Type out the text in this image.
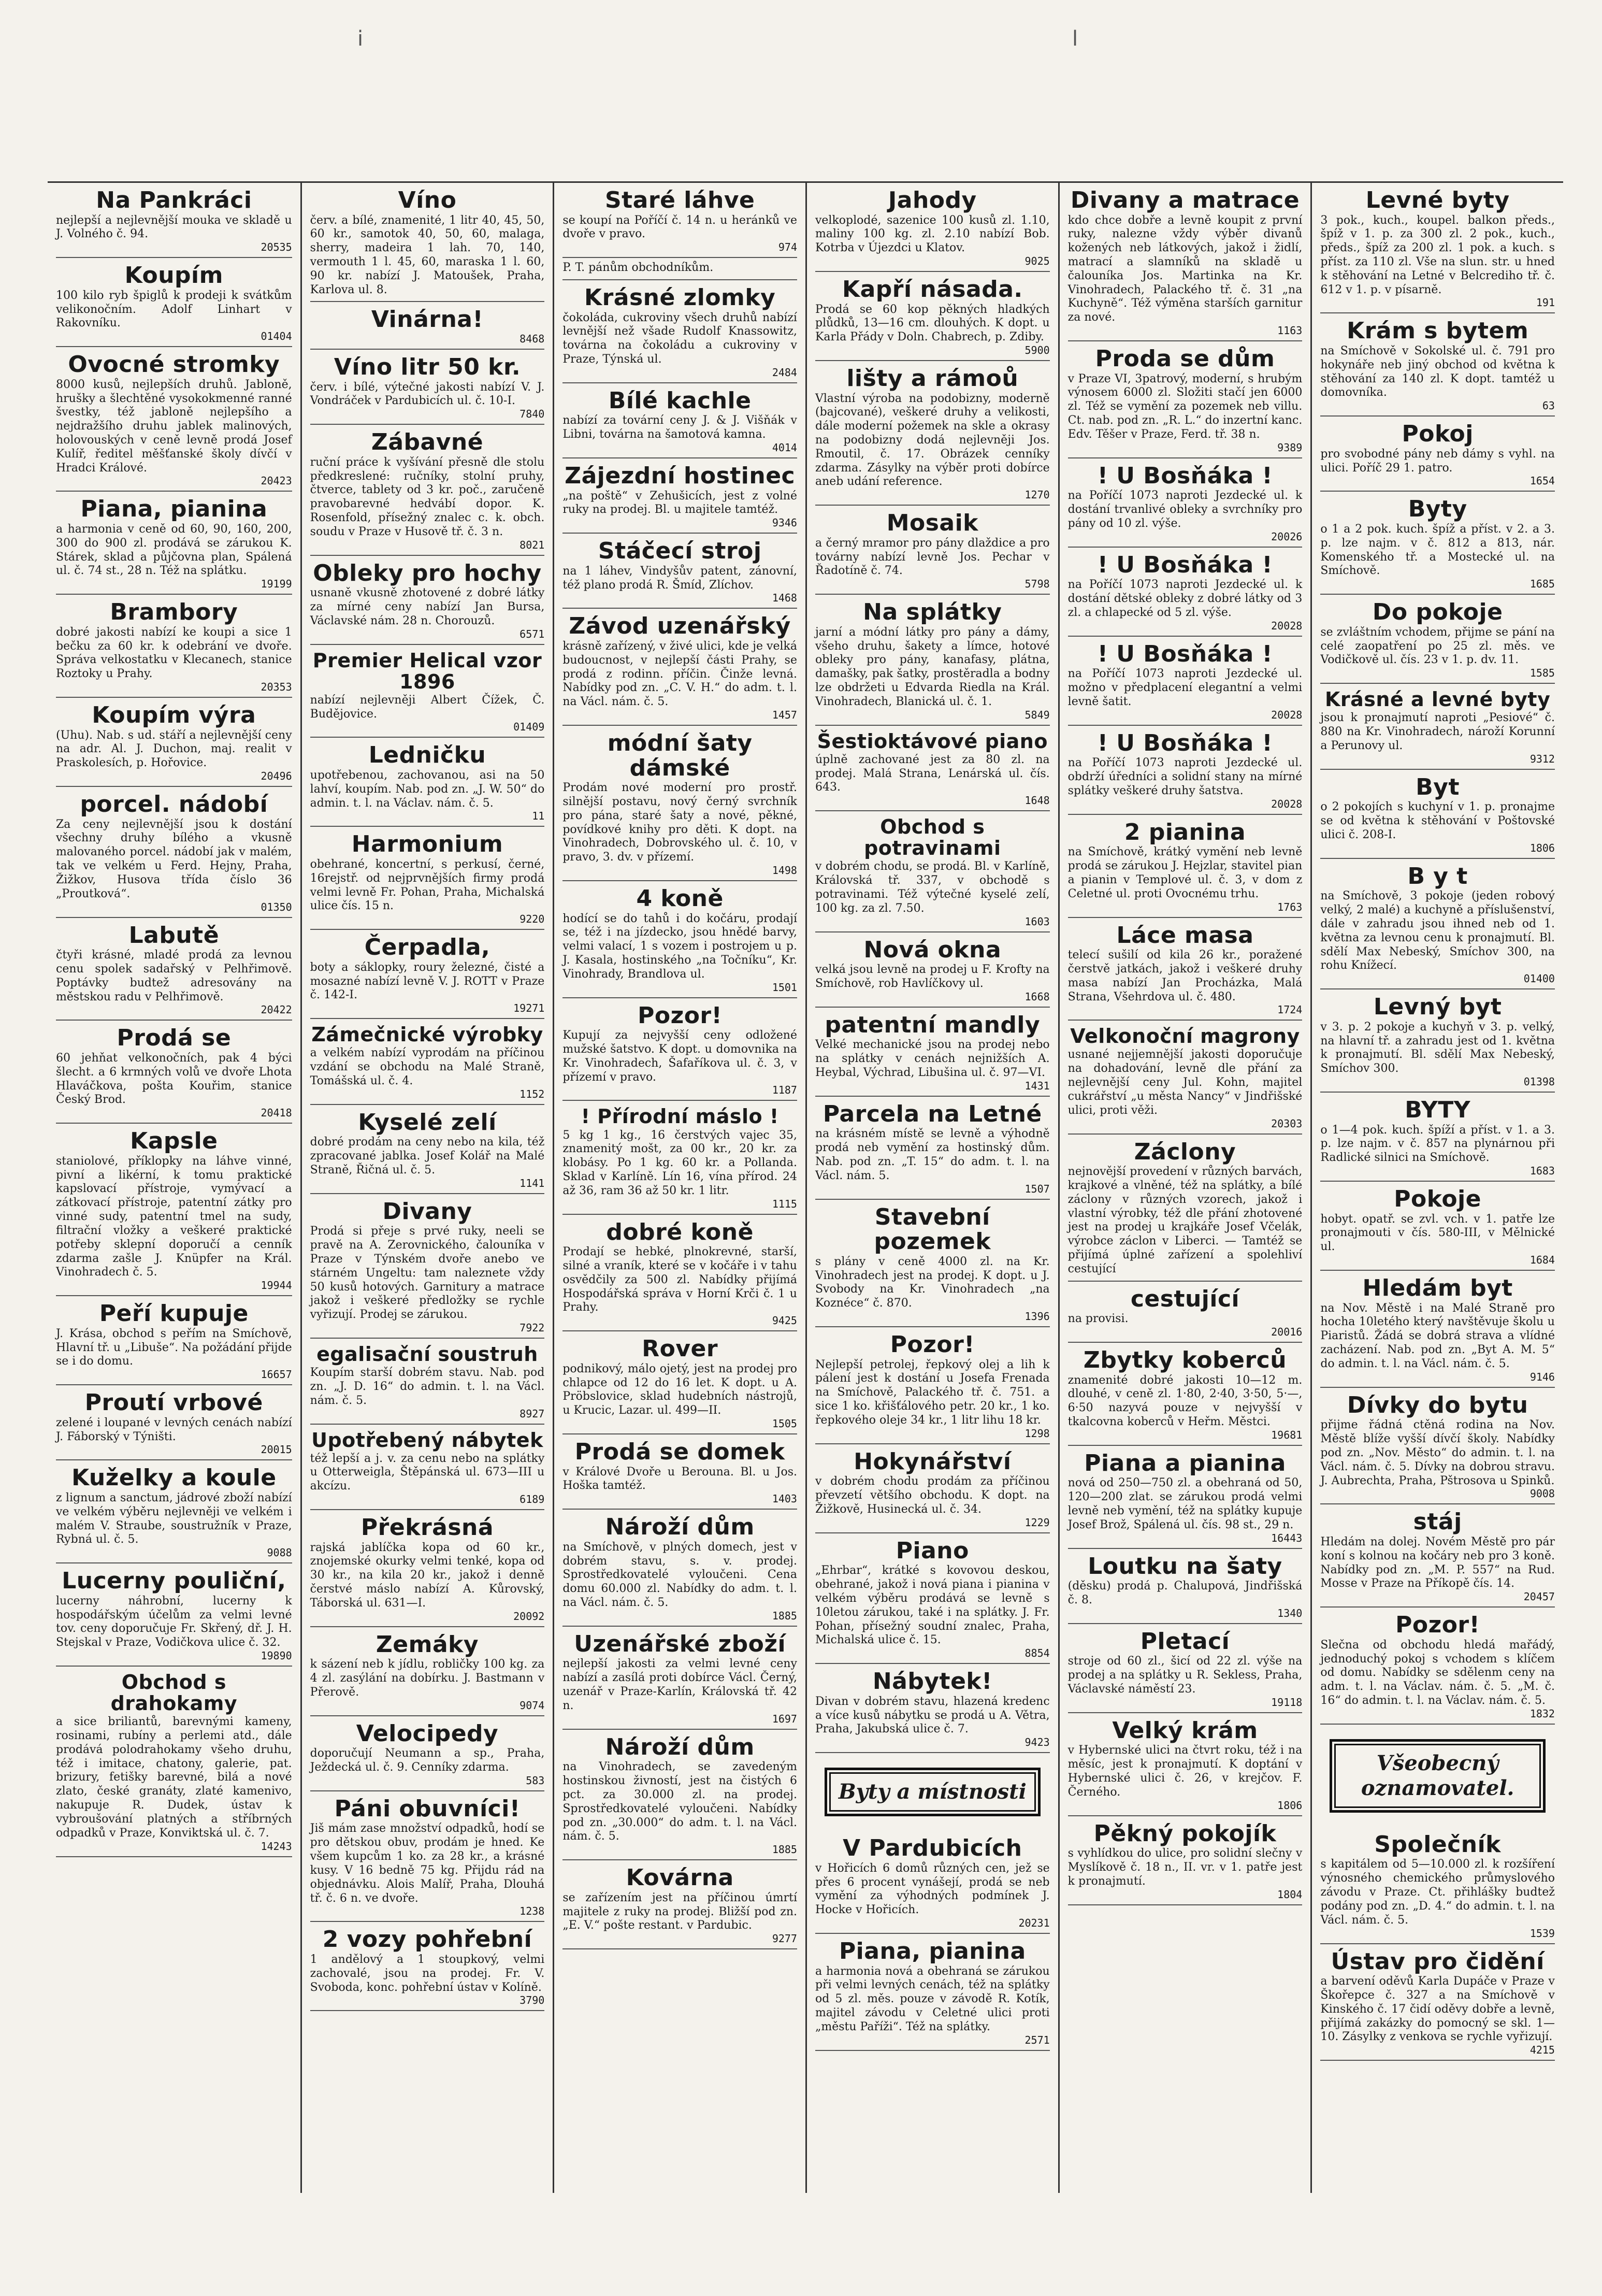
i	l
Na Pankráci

nejlepší a nejlevnější mouka ve skladě u J. Volného č. 94.

20535
Koupím

100 kilo ryb špiglů k prodeji k svátkům velikonočním. Adolf Linhart v Rakovníku.

01404
Ovocné stromky

8000 kusů, nejlepších druhů. Jabloně, hrušky a šlechtěné vysokokmenné ranné švestky, též jabloně nejlepšího a nejdražšího druhu jablek malinových, holovouských v ceně levně prodá Josef Kulíř, ředitel měšťanské školy dívčí v Hradci Králové.

20423
Piana, pianina

a harmonia v ceně od 60, 90, 160, 200, 300 do 900 zl. prodává se zárukou K. Stárek, sklad a půjčovna plan, Spálená ul. č. 74 st., 28 n. Též na splátku.

19199
Brambory

dobré jakosti nabízí ke koupi a sice 1 bečku za 60 kr. k odebrání ve dvoře. Správa velkostatku v Klecanech, stanice Roztoky u Prahy.

20353
Koupím výra

(Uhu). Nab. s ud. stáří a nejlevnější ceny na adr. Al. J. Duchon, maj. realit v Praskolesích, p. Hořovice.

20496
porcel. nádobí

Za ceny nejlevnější jsou k dostání všechny druhy bílého a vkusně malovaného porcel. nádobí jak v malém, tak ve velkém u Ferd. Hejny, Praha, Žižkov, Husova třída číslo 36 „Proutková“.

01350
Labutě

čtyři krásné, mladé prodá za levnou cenu spolek sadařský v Pelhřimově. Poptávky budtež adresovány na městskou radu v Pelhřimově.

20422
Prodá se

60 jehňat velkonočních, pak 4 býci šlecht. a 6 krmných volů ve dvoře Lhota Hlaváčkova, pošta Kouřim, stanice Český Brod.

20418
Kapsle

staniolové, příklopky na láhve vinné, pivní a likérní, k tomu praktické kapslovací přístroje, vymývací a zátkovací přístroje, patentní zátky pro vinné sudy, patentní tmel na sudy, filtrační vložky a veškeré praktické potřeby sklepní doporučí a cenník zdarma zašle J. Knüpfer na Král. Vinohradech č. 5.

19944
Peří kupuje

J. Krása, obchod s peřím na Smíchově, Hlavní tř. u „Libuše“. Na požádání přijde se i do domu.

16657
Proutí vrbové

zelené i loupané v levných cenách nabízí J. Fáborský v Týništi.

20015
Kuželky a koule

z lignum a sanctum, jádrové zboží nabízí ve velkém výběru nejlevněji ve velkém i malém V. Straube, soustružník v Praze, Rybná ul. č. 5.

9088
Lucerny pouliční,

lucerny náhrobní, lucerny k hospodářským účelům za velmi levné tov. ceny doporučuje Fr. Skřený, dř. J. H. Stejskal v Praze, Vodičkova ulice č. 32.

19890
Obchod s drahokamy

a sice briliantů, barevnými kameny, rosinami, rubíny a perlemi atd., dále prodává polodrahokamy všeho druhu, též i imitace, chatony, galerie, pat. brizury, fetišky barevné, bilá a nové zlato, české granáty, zlaté kamenivo, nakupuje R. Dudek, ústav k vybroušování platných a stříbrných odpadků v Praze, Konviktská ul. č. 7.

14243
Víno

červ. a bílé, znamenité, 1 litr 40, 45, 50, 60 kr., samotok 40, 50, 60, malaga, sherry, madeira 1 lah. 70, 140, vermouth 1 l. 45, 60, maraska 1 l. 60, 90 kr. nabízí J. Matoušek, Praha, Karlova ul. 8.

Vinárna!
8468
Víno litr 50 kr.

červ. i bílé, výtečné jakosti nabízí V. J. Vondráček v Pardubicích ul. č. 10-I.

7840
Zábavné

ruční práce k vyšívání přesně dle stolu předkreslené: ručníky, stolní pruhy, čtverce, tablety od 3 kr. poč., zaručeně pravobarevné hedvábí dopor. K. Rosenfold, přísežný znalec c. k. obch. soudu v Praze v Husově tř. č. 3 n.

8021
Obleky pro hochy

usnaně vkusně zhotovené z dobré látky za mírné ceny nabízí Jan Bursa, Václavské nám. 28 n. Chorouzů.

6571
Premier Helical vzor 1896

nabízí nejlevněji Albert Čížek, Č. Budějovice.

01409
Ledničku

upotřebenou, zachovanou, asi na 50 lahví, koupím. Nab. pod zn. „J. W. 50“ do admin. t. l. na Václav. nám. č. 5.

11
Harmonium

obehrané, koncertní, s perkusí, černé, 16rejstř. od nejprvnějších firmy prodá velmi levně Fr. Pohan, Praha, Michalská ulice čís. 15 n.

9220
Čerpadla,

boty a sáklopky, roury železné, čisté a mosazné nabízí levně V. J. ROTT v Praze č. 142-I.

19271
Zámečnické výrobky

a velkém nabízí vyprodám na příčinou vzdání se obchodu na Malé Straně, Tomášská ul. č. 4.

1152
Kyselé zelí

dobré prodám na ceny nebo na kila, též zpracované jablka. Josef Kolář na Malé Straně, Řičná ul. č. 5.

1141
Divany

Prodá si přeje s prvé ruky, neeli se pravě na A. Zerovnického, čalouníka v Praze v Týnském dvoře anebo ve stárném Ungeltu: tam naleznete vždy 50 kusů hotových. Garnitury a matrace jakož i veškeré předložky se rychle vyřizují. Prodej se zárukou.

7922
egalisační soustruh

Koupím starší dobrém stavu. Nab. pod zn. „J. D. 16“ do admin. t. l. na Václ. nám. č. 5.

8927
Upotřebený nábytek

též lepší a j. v. za cenu nebo na splátky u Otterweigla, Štěpánská ul. 673—III u akcízu.

6189
Překrásná

rajská jablíčka kopa od 60 kr., znojemské okurky velmi tenké, kopa od 30 kr., na kila 20 kr., jakož i denně čerstvé máslo nabízí A. Kůrovský, Táborská ul. 631—I.

20092
Zemáky

k sázení neb k jídlu, robličky 100 kg. za 4 zl. zasýlání na dobírku. J. Bastmann v Přerově.

9074
Velocipedy

doporučují Neumann a sp., Praha, Ježdecká ul. č. 9. Cenníky zdarma.

583
Páni obuvníci!

Jiš mám zase množství odpadků, hodí se pro dětskou obuv, prodám je hned. Ke všem kupcům 1 ko. za 28 kr., a krásné kusy. V 16 bedně 75 kg. Přijdu rád na objednávku. Alois Malíř, Praha, Dlouhá tř. č. 6 n. ve dvoře.

1238
2 vozy pohřební

1 andělový a 1 stoupkový, velmi zachovalé, jsou na prodej. Fr. V. Svoboda, konc. pohřební ústav v Kolíně.

3790
Staré láhve

se koupí na Poříčí č. 14 n. u heránků ve dvoře v pravo.

974

P. T. pánům obchodníkům.

Krásné zlomky

čokoláda, cukroviny všech druhů nabízí levnější než všade Rudolf Knassowitz, továrna na čokoládu a cukroviny v Praze, Týnská ul.

2484
Bílé kachle

nabízí za tovární ceny J. & J. Višňák v Libni, továrna na šamotová kamna.

4014
Zájezdní hostinec

„na poště“ v Zehušicích, jest z volné ruky na prodej. Bl. u majitele tamtéž.

9346
Stáčecí stroj

na 1 láhev, Vindyšův patent, zánovní, též plano prodá R. Šmíd, Zlíchov.

1468
Závod uzenářský

krásně zařízený, v živé ulici, kde je velká budoucnost, v nejlepší části Prahy, se prodá z rodinn. příčin. Činže levná. Nabídky pod zn. „C. V. H.“ do adm. t. l. na Václ. nám. č. 5.

1457
módní šaty dámské

Prodám nové moderní pro prostř. silnější postavu, nový černý svrchník pro pána, staré šaty a nové, pěkné, povídkové knihy pro děti. K dopt. na Vinohradech, Dobrovského ul. č. 10, v pravo, 3. dv. v přízemí.

1498
4 koně

hodící se do tahů i do kočáru, prodají se, též i na jízdecko, jsou hnědé barvy, velmi valací, 1 s vozem i postrojem u p. J. Kasala, hostinského „na Točníku“, Kr. Vinohrady, Brandlova ul.

1501
Pozor!

Kupují za nejvyšší ceny odložené mužské šatstvo. K dopt. u domovnika na Kr. Vinohradech, Šafaříkova ul. č. 3, v přízemí v pravo.

1187
! Přírodní máslo !

5 kg 1 kg., 16 čerstvých vajec 35, znamenitý mošt, za 00 kr., 20 kr. za klobásy. Po 1 kg. 60 kr. a Pollanda. Sklad v Karlíně. Lín 16, vína přírod. 24 až 36, ram 36 až 50 kr. 1 litr.

1115
dobré koně

Prodají se hebké, plnokrevné, starší, silné a vraník, které se v kočáře i v tahu osvědčily za 500 zl. Nabídky přijímá Hospodářská správa v Horní Krči č. 1 u Prahy.

9425
Rover

podnikový, málo ojetý, jest na prodej pro chlapce od 12 do 16 let. K dopt. u A. Pröbslovice, sklad hudebních nástrojů, u Krucic, Lazar. ul. 499—II.

1505
Prodá se domek

v Králové Dvoře u Berouna. Bl. u Jos. Hoška tamtéž.

1403
Nároží dům

na Smíchově, v plných domech, jest v dobrém stavu, s. v. prodej. Sprostředkovatelé vyloučeni. Cena domu 60.000 zl. Nabídky do adm. t. l. na Václ. nám. č. 5.

1885
Uzenářské zboží

nejlepší jakosti za velmi levné ceny nabízí a zasílá proti dobírce Václ. Černý, uzenář v Praze-Karlín, Královská tř. 42 n.

1697
Nároží dům

na Vinohradech, se zavedeným hostinskou živností, jest na čistých 6 pct. za 30.000 zl. na prodej. Sprostředkovatelé vyloučeni. Nabídky pod zn. „30.000“ do adm. t. l. na Václ. nám. č. 5.

1885
Kovárna

se zařízením jest na příčinou úmrtí majitele z ruky na prodej. Bližší pod zn. „E. V.“ pošte restant. v Pardubic.

9277
Jahody

velkoplodé, sazenice 100 kusů zl. 1.10, maliny 100 kg. zl. 2.10 nabízí Bob. Kotrba v Újezdci u Klatov.

9025
Kapří násada.

Prodá se 60 kop pěkných hladkých plůdků, 13—16 cm. dlouhých. K dopt. u Karla Přády v Doln. Chabrech, p. Zdiby.

5900
lišty a rámoů

Vlastní výroba na podobizny, moderně (bajcované), veškeré druhy a velikosti, dále moderní požemek na skle a okrasy na podobizny dodá nejlevněji Jos. Rmoutil, č. 17. Obrázek cenníky zdarma. Zásylky na výběr proti dobírce aneb udání reference.

1270
Mosaik

a černý mramor pro pány dlaždice a pro továrny nabízí levně Jos. Pechar v Řadotíně č. 74.

5798
Na splátky

jarní a módní látky pro pány a dámy, všeho druhu, šakety a límce, hotové obleky pro pány, kanafasy, plátna, damašky, pak šatky, prostěradla a bodny lze obdržeti u Edvarda Riedla na Král. Vinohradech, Blanická ul. č. 1.

5849
Šestioktávové piano

úplně zachované jest za 80 zl. na prodej. Malá Strana, Lenárská ul. čís. 643.

1648
Obchod s potravinami

v dobrém chodu, se prodá. Bl. v Karlíně, Královská tř. 337, v obchodě s potravinami. Též výtečné kyselé zelí, 100 kg. za zl. 7.50.

1603
Nová okna

velká jsou levně na prodej u F. Krofty na Smíchově, rob Havlíčkovy ul.

1668
patentní mandly

Velké mechanické jsou na prodej nebo na splátky v cenách nejnižších A. Heybal, Výchrad, Libušina ul. č. 97—VI.

1431
Parcela na Letné

na krásném místě se levně a výhodně prodá neb vymění za hostinský dům. Nab. pod zn. „T. 15“ do adm. t. l. na Václ. nám. 5.

1507
Stavební pozemek

s plány v ceně 4000 zl. na Kr. Vinohradech jest na prodej. K dopt. u J. Svobody na Kr. Vinohradech „na Koznéce“ č. 870.

1396
Pozor!

Nejlepší petrolej, řepkový olej a lih k pálení jest k dostání u Josefa Frenada na Smíchově, Palackého tř. č. 751. a sice 1 ko. křišťálového petr. 20 kr., 1 ko. řepkového oleje 34 kr., 1 litr lihu 18 kr.

1298
Hokynářství

v dobrém chodu prodám za příčinou převzetí většího obchodu. K dopt. na Žižkově, Husinecká ul. č. 34.

1229
Piano

„Ehrbar“, krátké s kovovou deskou, obehrané, jakož i nová piana i pianina v velkém výběru prodává se levně s 10letou zárukou, také i na splátky. J. Fr. Pohan, přísežný soudní znalec, Praha, Michalská ulice č. 15.

8854
Nábytek!

Divan v dobrém stavu, hlazená kredenc a více kusů nábytku se prodá u A. Větra, Praha, Jakubská ulice č. 7.

9423
Byty a místnosti
V Pardubicích

v Hořicích 6 domů různých cen, jež se přes 6 procent vynášejí, prodá se neb vymění za výhodných podmínek J. Hocke v Hořicích.

20231
Piana, pianina

a harmonia nová a obehraná se zárukou při velmi levných cenách, též na splátky od 5 zl. měs. pouze v závodě R. Kotík, majitel závodu v Celetné ulici proti „městu Paříži“. Též na splátky.

2571
Divany a matrace

kdo chce dobře a levně koupit z první ruky, nalezne vždy výběr divanů kožených neb látkových, jakož i židlí, matrací a slamníků na skladě u čalouníka Jos. Martinka na Kr. Vinohradech, Palackého tř. č. 31 „na Kuchyně“. Též výměna starších garnitur za nové.

1163
Proda se dům

v Praze VI, 3patrový, moderní, s hrubým výnosem 6000 zl. Složiti stačí jen 6000 zl. Též se vymění za pozemek neb villu. Ct. nab. pod zn. „R. L.“ do inzertní kanc. Edv. Těšer v Praze, Ferd. tř. 38 n.

9389
! U Bosňáka !

na Poříčí 1073 naproti Jezdecké ul. k dostání trvanlivé obleky a svrchníky pro pány od 10 zl. výše.

20026
! U Bosňáka !

na Poříčí 1073 naproti Jezdecké ul. k dostání dětské obleky z dobré látky od 3 zl. a chlapecké od 5 zl. výše.

20028
! U Bosňáka !

na Poříčí 1073 naproti Jezdecké ul. možno v předplacení elegantní a velmi levně šatit.

20028
! U Bosňáka !

na Poříčí 1073 naproti Jezdecké ul. obdrží úředníci a solidní stany na mírné splátky veškeré druhy šatstva.

20028
2 pianina

na Smíchově, krátký vymění neb levně prodá se zárukou J. Hejzlar, stavitel pian a pianin v Templové ul. č. 3, v dom z Celetné ul. proti Ovocnému trhu.

1763
Láce masa

telecí sušilí od kila 26 kr., poražené čerstvě jatkách, jakož i veškeré druhy masa nabízí Jan Procházka, Malá Strana, Všehrdova ul. č. 480.

1724
Velkonoční magrony

usnané nejjemnější jakosti doporučuje na dohadování, levně dle přání za nejlevnější ceny Jul. Kohn, majitel cukrářství „u města Nancy“ v Jindřišské ulici, proti věži.

20303
Záclony

nejnovější provedení v různých barvách, krajkové a vlněné, též na splátky, a bílé záclony v různých vzorech, jakož i vlastní výrobky, též dle přání zhotovené jest na prodej u krajkáře Josef Včelák, výrobce záclon v Liberci. — Tamtéž se přijímá úplné zařízení a spolehliví cestující

cestující

na provisi.

20016
Zbytky koberců

znamenité dobré jakosti 10—12 m. dlouhé, v ceně zl. 1·80, 2·40, 3·50, 5·—, 6·50 nazyvá pouze v nejvyšší v tkalcovna koberců v Heřm. Městci.

19681
Piana a pianina

nová od 250—750 zl. a obehraná od 50, 120—200 zlat. se zárukou prodá velmi levně neb vymění, též na splátky kupuje Josef Brož, Spálená ul. čís. 98 st., 29 n.

16443
Loutku na šaty

(děsku) prodá p. Chalupová, Jindřišská č. 8.

1340
Pletací

stroje od 60 zl., šicí od 22 zl. výše na prodej a na splátky u R. Sekless, Praha, Václavské náměstí 23.

19118
Velký krám

v Hybernské ulici na čtvrt roku, též i na měsíc, jest k pronajmutí. K doptání v Hybernské ulici č. 26, v krejčov. F. Černého.

1806
Pěkný pokojík

s vyhlídkou do ulice, pro solidní slečny v Myslíkově č. 18 n., II. vr. v 1. patře jest k pronajmutí.

1804
Levné byty

3 pok., kuch., koupel. balkon předs., špíž v 1. p. za 300 zl. 2 pok., kuch., předs., špíž za 200 zl. 1 pok. a kuch. s příst. za 110 zl. Vše na slun. str. u hned k stěhování na Letné v Belcrediho tř. č. 612 v 1. p. v písarně.

191
Krám s bytem

na Smíchově v Sokolské ul. č. 791 pro hokynáře neb jiný obchod od května k stěhování za 140 zl. K dopt. tamtéž u domovníka.

63
Pokoj

pro svobodné pány neb dámy s vyhl. na ulici. Poříč 29 1. patro.

1654
Byty

o 1 a 2 pok. kuch. špíž a příst. v 2. a 3. p. lze najm. v č. 812 a 813, nár. Komenského tř. a Mostecké ul. na Smíchově.

1685
Do pokoje

se zvláštním vchodem, přijme se pání na celé zaopatření po 25 zl. měs. ve Vodičkově ul. čís. 23 v 1. p. dv. 11.

1585
Krásné a levné byty

jsou k pronajmutí naproti „Pesiové“ č. 880 na Kr. Vinohradech, nároží Korunní a Perunovy ul.

9312
Byt

o 2 pokojích s kuchyní v 1. p. pronajme se od května k stěhování v Poštovské ulici č. 208-I.

1806
B y t

na Smíchově, 3 pokoje (jeden robový velký, 2 malé) a kuchyně a příslušenství, dále v zahradu jsou ihned neb od 1. května za levnou cenu k pronajmutí. Bl. sdělí Max Nebeský, Smíchov 300, na rohu Knížecí.

01400
Levný byt

v 3. p. 2 pokoje a kuchyň v 3. p. velký, na hlavní tř. a zahradu jest od 1. května k pronajmutí. Bl. sdělí Max Nebeský, Smíchov 300.

01398
BYTY

o 1—4 pok. kuch. špíží a příst. v 1. a 3. p. lze najm. v č. 857 na plynárnou při Radlické silnici na Smíchově.

1683
Pokoje

hobyt. opatř. se zvl. vch. v 1. patře lze pronajmouti v čís. 580-III, v Mělnické ul.

1684
Hledám byt

na Nov. Městě i na Malé Straně pro hocha 10letého který navštěvuje školu u Piaristů. Žádá se dobrá strava a vlídné zacházení. Nab. pod zn. „Byt A. M. 5“ do admin. t. l. na Václ. nám. č. 5.

9146
Dívky do bytu

přijme řádná ctěná rodina na Nov. Městě blíže vyšší dívčí školy. Nabídky pod zn. „Nov. Město“ do admin. t. l. na Václ. nám. č. 5. Dívky na dobrou stravu. J. Aubrechta, Praha, Pštrosova u Spinků.

9008
stáj

Hledám na dolej. Novém Městě pro pár koní s kolnou na kočáry neb pro 3 koně. Nabídky pod zn. „M. P. 557“ na Rud. Mosse v Praze na Příkopě čís. 14.

20457
Pozor!

Slečna od obchodu hledá mařádý, jednoduchý pokoj s vchodem s klíčem od domu. Nabídky se sdělenm ceny na adm. t. l. na Václav. nám. č. 5. „M. č. 16“ do admin. t. l. na Václav. nám. č. 5.

1832
Všeobecný oznamovatel.
Společník

s kapitálem od 5—10.000 zl. k rozšíření výnosného chemického průmyslového závodu v Praze. Ct. přihlášky budtež podány pod zn. „D. 4.“ do admin. t. l. na Václ. nám. č. 5.

1539
Ústav pro čidění

a barvení oděvů Karla Dupáče v Praze v Škořepce č. 327 a na Smíchově v Kinského č. 17 čidí oděvy dobře a levně, přijímá zakázky do pomocný se skl. 1—10. Zásylky z venkova se rychle vyřizují.

4215
